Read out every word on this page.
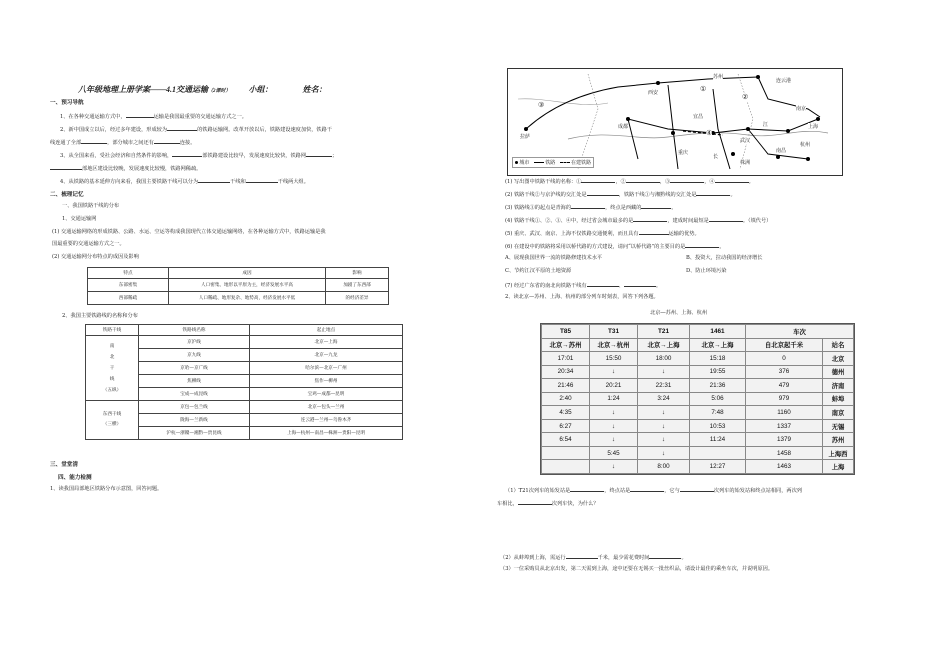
八年级地理上册学案——4.1交通运输（2课时） 小组：	姓名：
一、预习导航
1、在各种交通运输方式中，	运输是我国最重要的交通运输方式之一。
2、新中国成立以后，经过多年建设，形成较为	的铁路运输网。改革开放以后，铁路建设速度加快，铁路干
线连通了全部	，部分城市之间还有	连接。
3、从全国来看，受社会经济和自然条件的影响，	部铁路建设比较早，发展速度比较快，铁路网	；
部地区建设比较晚，发展速度比较慢，铁路网稀疏。
4、从铁路的基本延伸方向来看，我国主要铁路干线可以分为	干线和	干线两大组。
二、梳理记忆
一、我国铁路干线的分布
1、交通运输网
(1) 交通运输网络的形成铁路、公路、水运、空运等构成我国现代立体交通运输网络，在各种运输方式中，铁路运输是我
国最重要的交通运输方式之一。
(2) 交通运输网分布特点的成因及影响
特点	成因	影响
东部密集	人口密集、地形以平原为主，经济发展水平高	加剧了东西部
西部稀疏	人口稀疏、地形复杂、地势高，经济发展水平低	的经济差异
2、我国主要铁路线的名称和分布
铁路干线	铁路线名称	起止地点

南
北
干
线
（五纵）	京沪线	北京—上海
	京九线	北京—九龙
	京哈—京广线	哈尔滨—北京—广州
	焦柳线	焦作—柳州
	宝成—成昆线	宝鸡—成都—昆明

东西干线
（三横）	京包—包兰线	北京—包头—兰州
	陇海—兰新线	连云港—兰州—乌鲁木齐
	沪杭—浙赣—湘黔—贵昆线	上海—杭州—南昌—株洲—贵阳—昆明
三、堂堂清
四、能力检测
1、读我国局部地区铁路分布示意图，回答问题。
苏州
西安
连云港
成都
宜昌
南京
上海
拉萨
重庆
武汉
株洲
南昌
杭州
江
长
①
②
③
④
城市	铁路	在建铁路
(1) 写出图中铁路干线的名称：①	，②	，③	，④	。
(2) 铁路干线②与京沪线的交汇处是	，铁路干线①与湘黔线的交汇处是	。
(3) 铁路线③的起点是青海的	，终点是西藏的	。
(4) 铁路干线①、②、③、④中，经过省会城市最多的是	，建成时间最短是	。（填代号）
(5) 重庆、武汉、南京、上海不仅铁路交通便利，而且具有	运输的优势。
(6) 在建设中的铁路将采用以桥代路的方式建设，请问“以桥代路”的主要目的是	。
A、展现我国世界一流的铁路修建技术水平	B、投资大，拉动我国的经济增长
C、节约江汉平原的土地资源	D、防止环境污染
(7) 经过广东省的南北向铁路干线有	、	。
2、读北京—苏州、上海、杭州的部分列车时刻表，回答下列各题。
北京—苏州、上海、杭州
T85	T31	T21	1461	车次	
北京→苏州	北京→杭州	北京→上海	北京→上海	自北京起千米	站名
17:01	15:50	18:00	15:18	0	北京
20:34	↓	↓	19:55	376	德州
21:46	20:21	22:31	21:36	479	济南
2:40	1:24	3:24	5:06	979	蚌埠
4:35	↓	↓	7:48	1160	南京
6:27	↓	↓	10:53	1337	无锡
6:54	↓	↓	11:24	1379	苏州
	5:45	↓		1458	上海西
	↓	8:00	12:27	1463	上海
（1）T21次列车的始发站是	，终点站是	，它与	次列车的始发站和终点站相同，两次列
车相比，	次列车快，为什么？
（2）从蚌埠到上海，需运行	千米，最少需花费时间	。
（3）一位采购员从北京出发，第二天需到上海，途中还要在无锡买一批丝织品，请设计最佳的乘坐车次，并说明原因。
